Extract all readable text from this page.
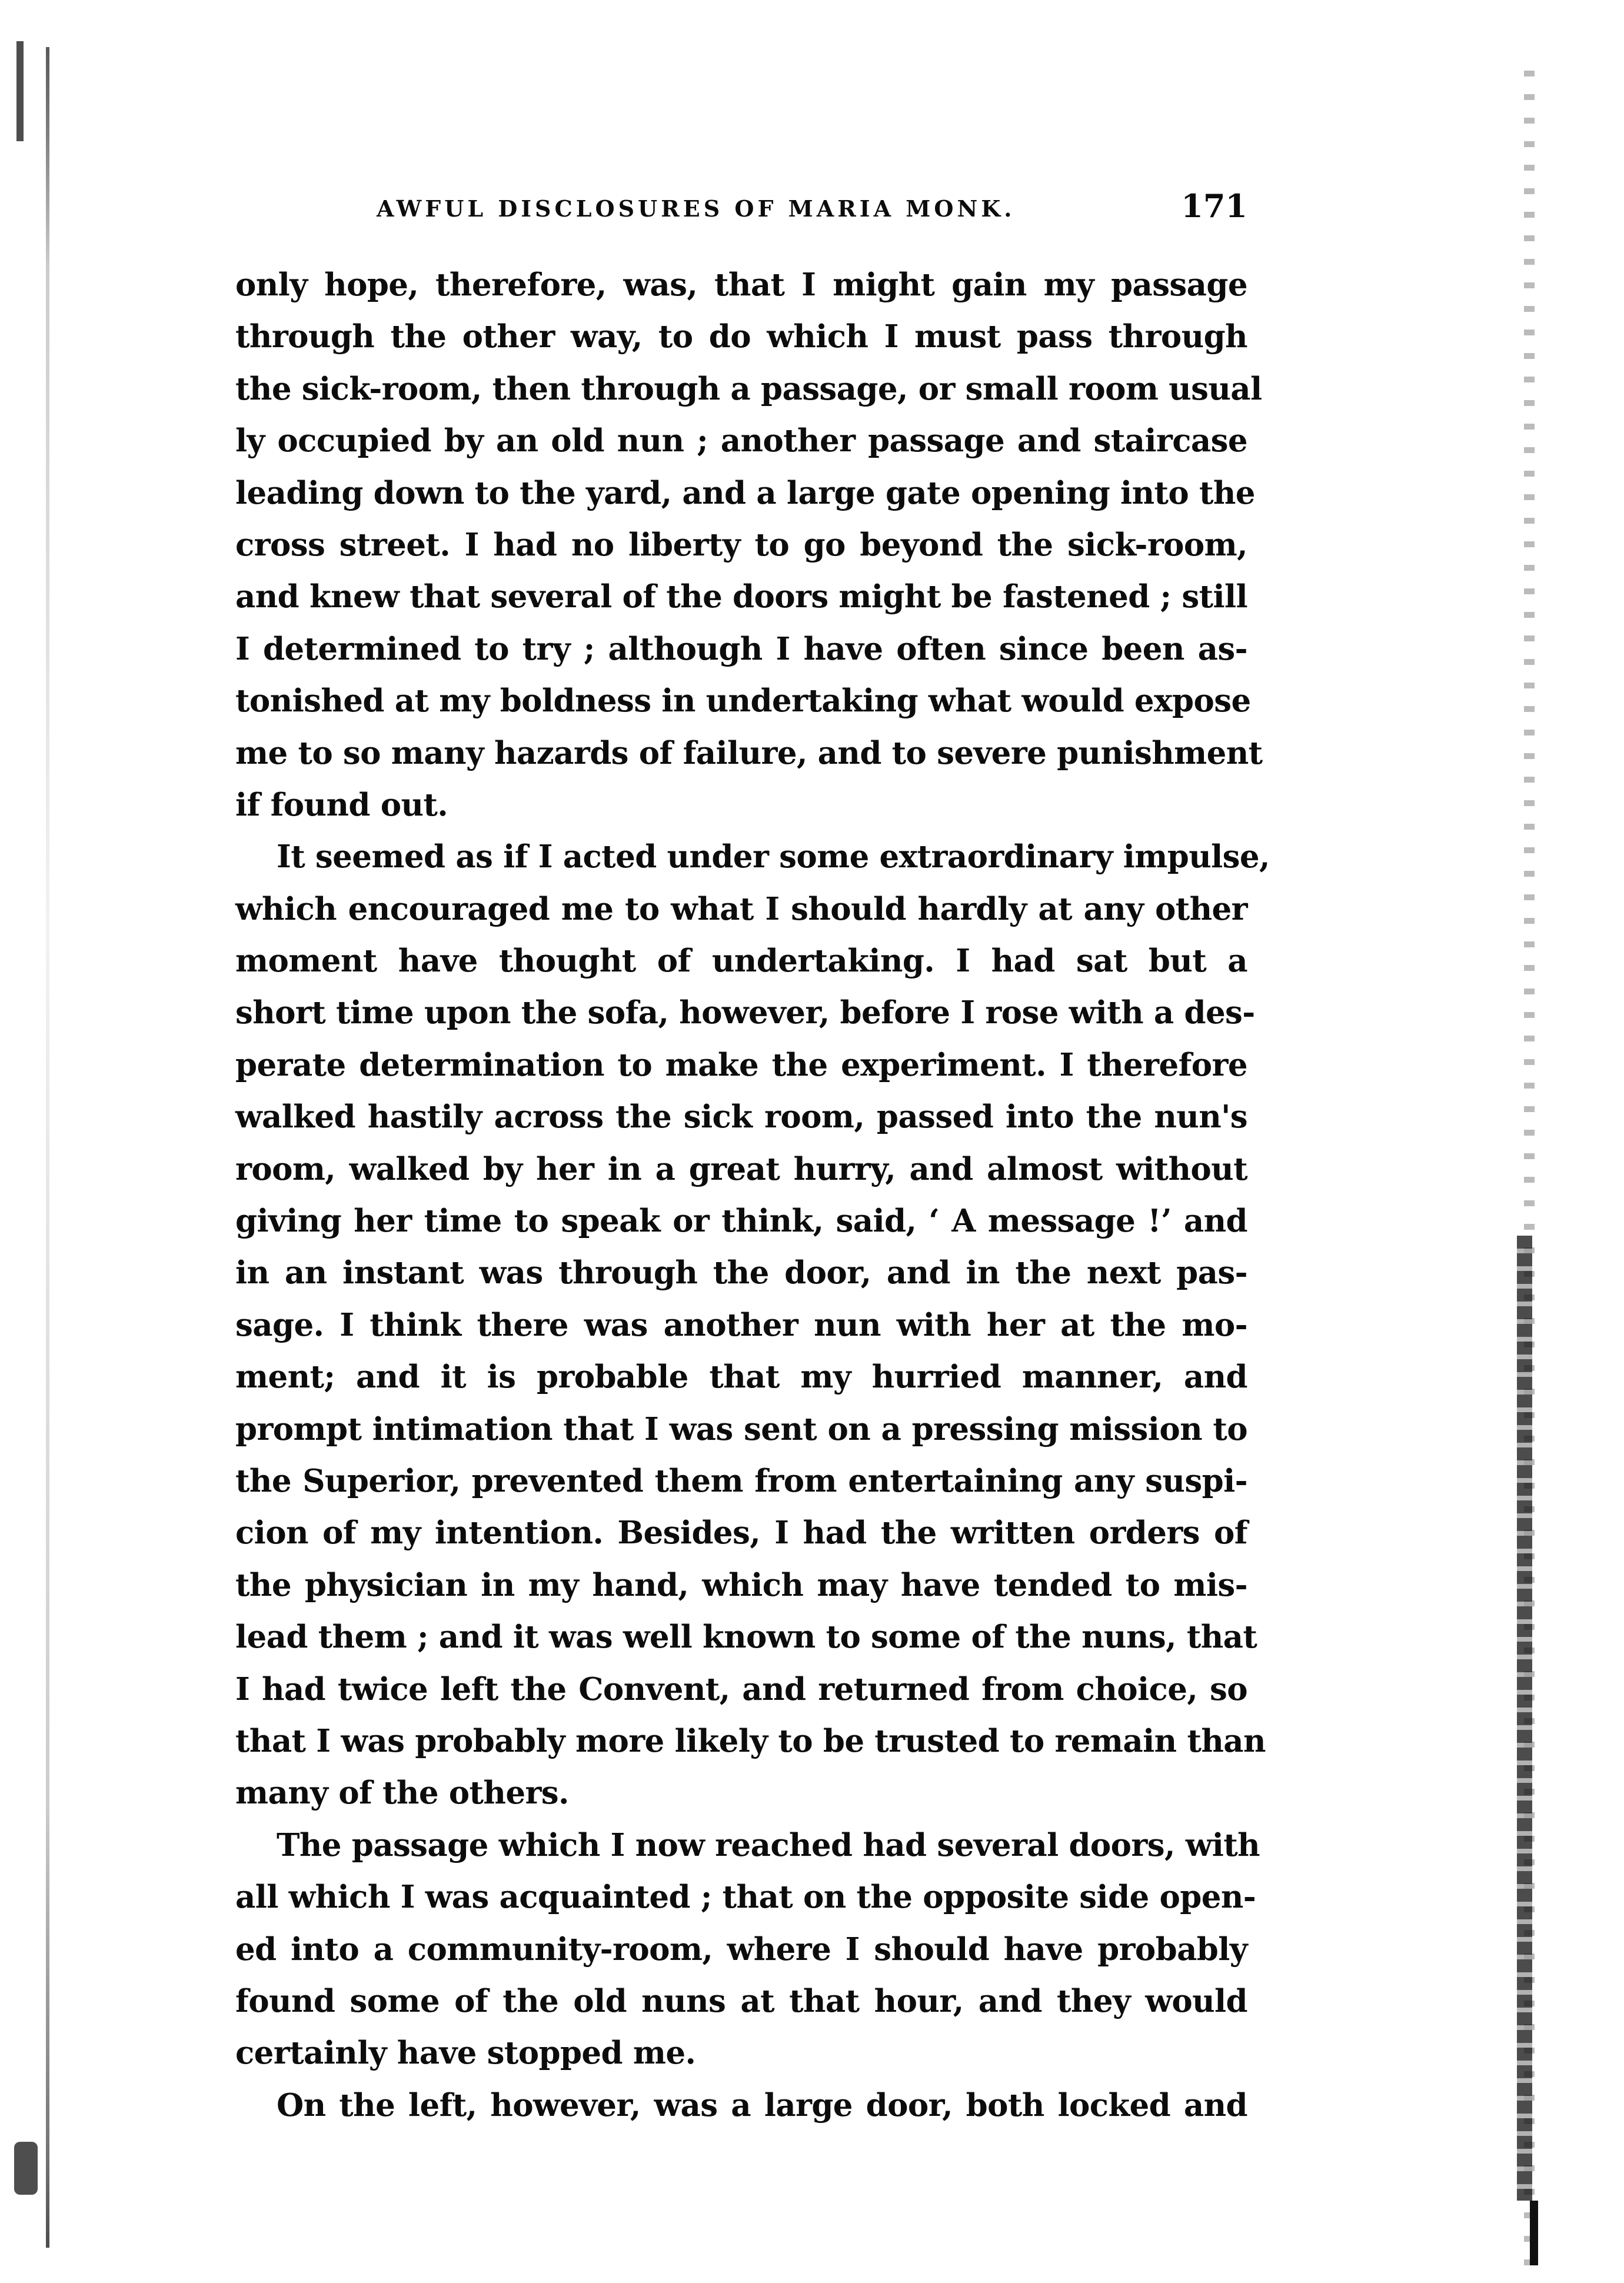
AWFUL DISCLOSURES OF MARIA MONK.	171
only hope, therefore, was, that I might gain my passage
through the other way, to do which I must pass through
the sick-room, then through a passage, or small room usual
ly occupied by an old nun ; another passage and staircase
leading down to the yard, and a large gate opening into the
cross street. I had no liberty to go beyond the sick-room,
and knew that several of the doors might be fastened ; still
I determined to try ; although I have often since been as-
tonished at my boldness in undertaking what would expose
me to so many hazards of failure, and to severe punishment
if found out.
It seemed as if I acted under some extraordinary impulse,
which encouraged me to what I should hardly at any other
moment have thought of undertaking. I had sat but a
short time upon the sofa, however, before I rose with a des-
perate determination to make the experiment. I therefore
walked hastily across the sick room, passed into the nun's
room, walked by her in a great hurry, and almost without
giving her time to speak or think, said, ‘ A message !’ and
in an instant was through the door, and in the next pas-
sage. I think there was another nun with her at the mo-
ment; and it is probable that my hurried manner, and
prompt intimation that I was sent on a pressing mission to
the Superior, prevented them from entertaining any suspi-
cion of my intention. Besides, I had the written orders of
the physician in my hand, which may have tended to mis-
lead them ; and it was well known to some of the nuns, that
I had twice left the Convent, and returned from choice, so
that I was probably more likely to be trusted to remain than
many of the others.
The passage which I now reached had several doors, with
all which I was acquainted ; that on the opposite side open-
ed into a community-room, where I should have probably
found some of the old nuns at that hour, and they would
certainly have stopped me.
On the left, however, was a large door, both locked and
